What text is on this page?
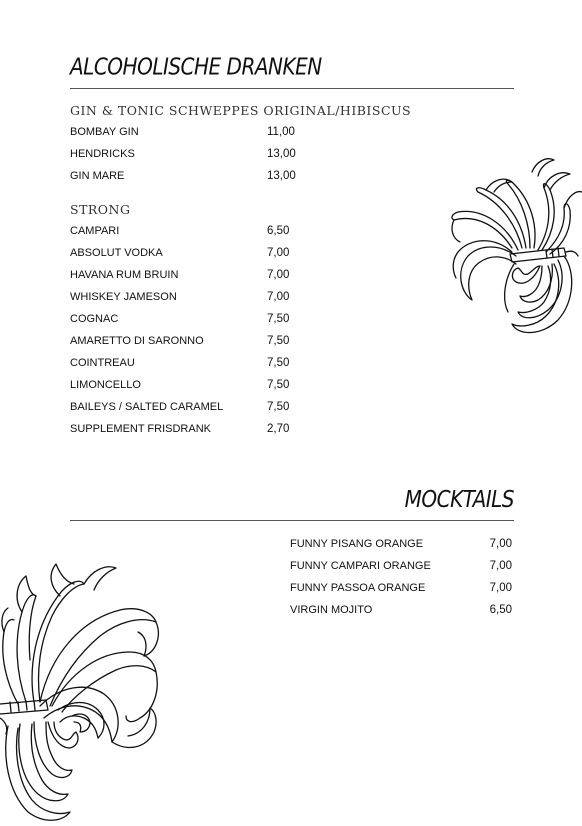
ALCOHOLISCHE DRANKEN
GIN & TONIC SCHWEPPES ORIGINAL/HIBISCUS
BOMBAY GIN	11,00
HENDRICKS	13,00
GIN MARE	13,00
STRONG
CAMPARI	6,50
ABSOLUT VODKA	7,00
HAVANA RUM BRUIN	7,00
WHISKEY JAMESON	7,00
COGNAC	7,50
AMARETTO DI SARONNO	7,50
COINTREAU	7,50
LIMONCELLO	7,50
BAILEYS / SALTED CARAMEL	7,50
SUPPLEMENT FRISDRANK	2,70
MOCKTAILS
FUNNY PISANG ORANGE	7,00
FUNNY CAMPARI ORANGE	7,00
FUNNY PASSOA ORANGE	7,00
VIRGIN MOJITO	6,50
